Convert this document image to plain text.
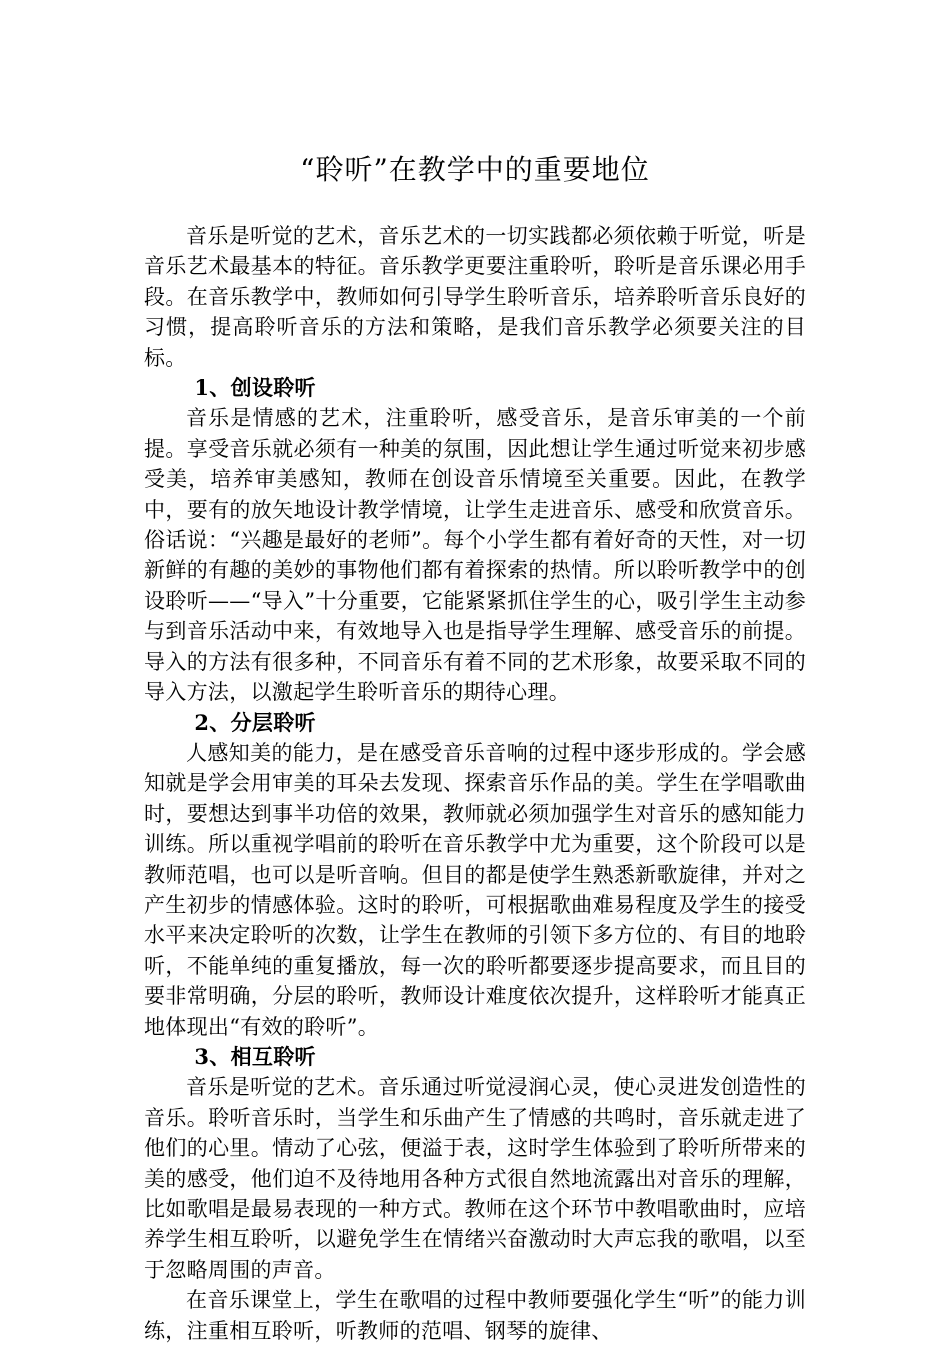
“聆听”在教学中的重要地位

音乐是听觉的艺术，音乐艺术的一切实践都必须依赖于听觉，听是音乐艺术最基本的特征。音乐教学更要注重聆听，聆听是音乐课必用手段。在音乐教学中，教师如何引导学生聆听音乐，培养聆听音乐良好的习惯，提高聆听音乐的方法和策略，是我们音乐教学必须要关注的目标。

1、创设聆听

音乐是情感的艺术，注重聆听，感受音乐，是音乐审美的一个前提。享受音乐就必须有一种美的氛围，因此想让学生通过听觉来初步感受美，培养审美感知，教师在创设音乐情境至关重要。因此，在教学中，要有的放矢地设计教学情境，让学生走进音乐、感受和欣赏音乐。俗话说：“兴趣是最好的老师”。每个小学生都有着好奇的天性，对一切新鲜的有趣的美妙的事物他们都有着探索的热情。所以聆听教学中的创设聆听——“导入”十分重要，它能紧紧抓住学生的心，吸引学生主动参与到音乐活动中来，有效地导入也是指导学生理解、感受音乐的前提。导入的方法有很多种，不同音乐有着不同的艺术形象，故要采取不同的导入方法，以激起学生聆听音乐的期待心理。

2、分层聆听

人感知美的能力，是在感受音乐音响的过程中逐步形成的。学会感知就是学会用审美的耳朵去发现、探索音乐作品的美。学生在学唱歌曲时，要想达到事半功倍的效果，教师就必须加强学生对音乐的感知能力训练。所以重视学唱前的聆听在音乐教学中尤为重要，这个阶段可以是教师范唱，也可以是听音响。但目的都是使学生熟悉新歌旋律，并对之产生初步的情感体验。这时的聆听，可根据歌曲难易程度及学生的接受水平来决定聆听的次数，让学生在教师的引领下多方位的、有目的地聆听，不能单纯的重复播放，每一次的聆听都要逐步提高要求，而且目的要非常明确，分层的聆听，教师设计难度依次提升，这样聆听才能真正地体现出“有效的聆听”。

3、相互聆听

音乐是听觉的艺术。音乐通过听觉浸润心灵，使心灵进发创造性的音乐。聆听音乐时，当学生和乐曲产生了情感的共鸣时，音乐就走进了他们的心里。情动了心弦，便溢于表，这时学生体验到了聆听所带来的美的感受，他们迫不及待地用各种方式很自然地流露出对音乐的理解，比如歌唱是最易表现的一种方式。教师在这个环节中教唱歌曲时，应培养学生相互聆听，以避免学生在情绪兴奋激动时大声忘我的歌唱，以至于忽略周围的声音。

在音乐课堂上，学生在歌唱的过程中教师要强化学生“听”的能力训练，注重相互聆听，听教师的范唱、钢琴的旋律、
